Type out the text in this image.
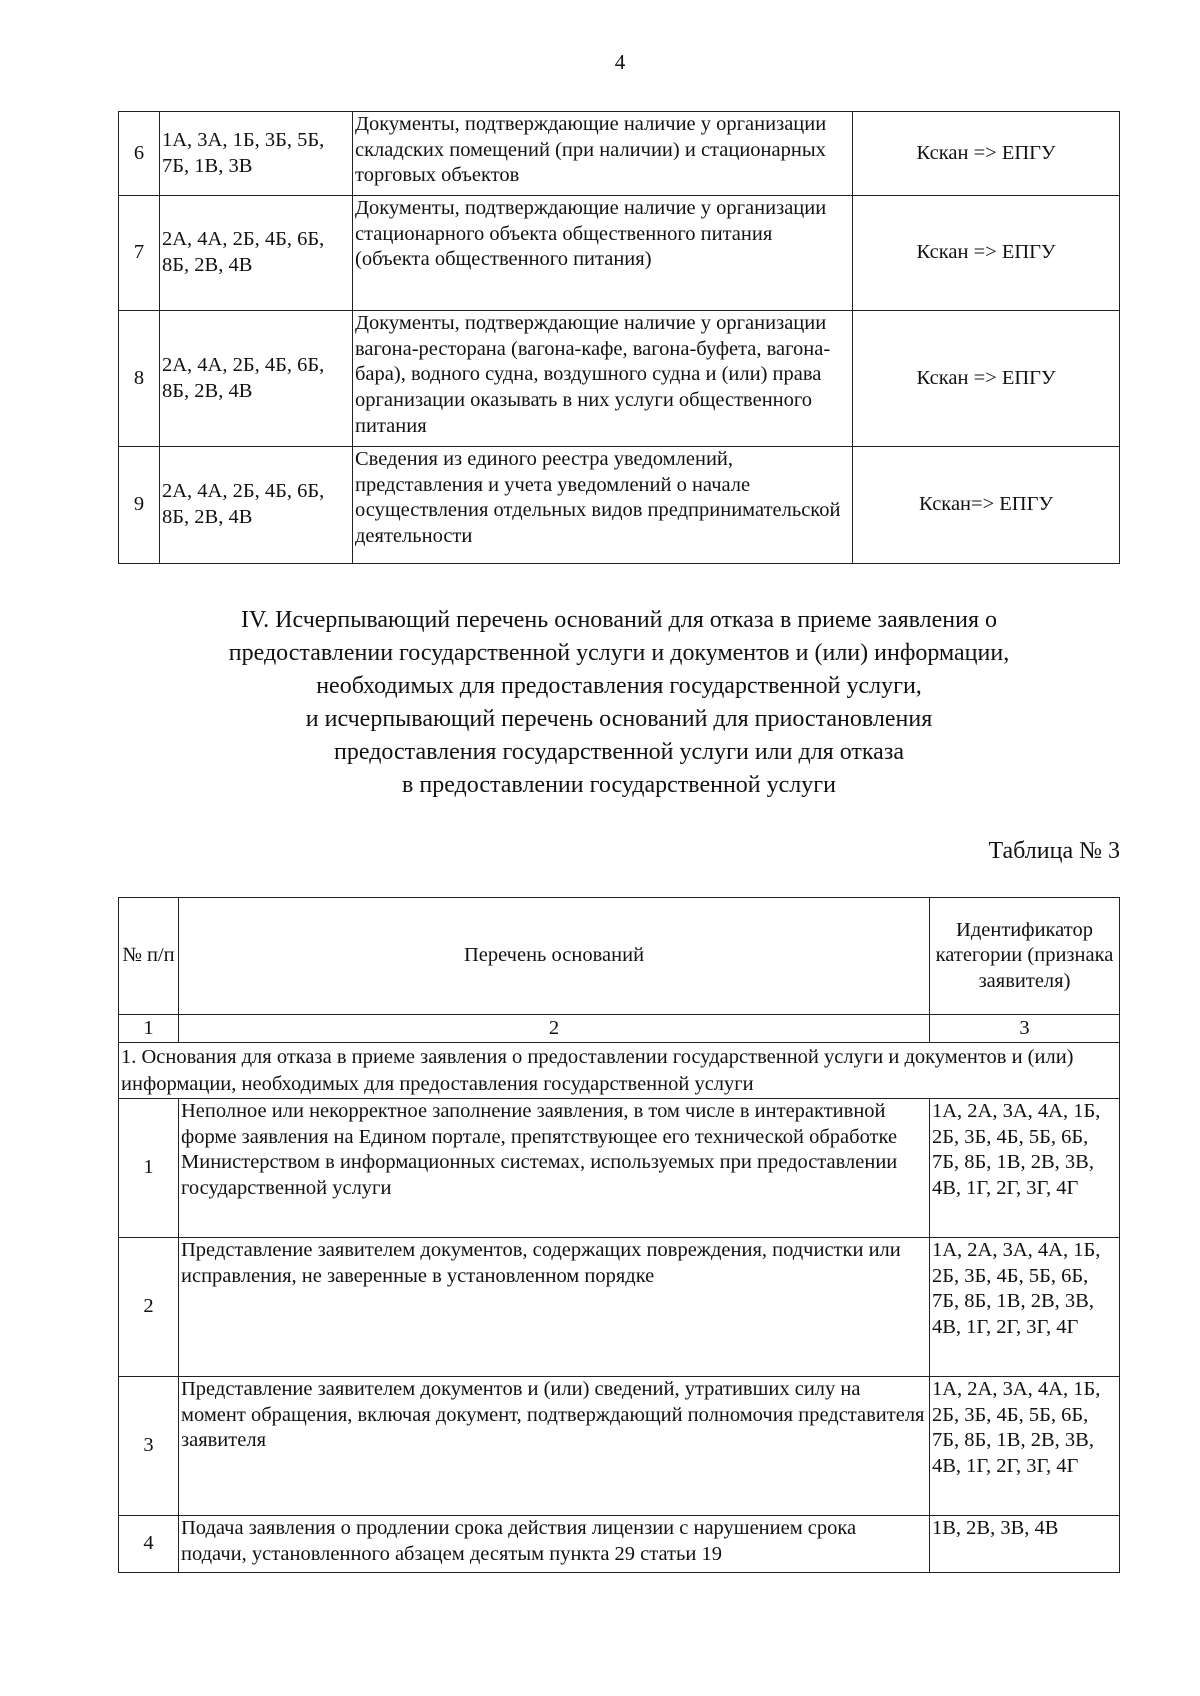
4
6	1А, 3А, 1Б, 3Б, 5Б, 7Б, 1В, 3В	Документы, подтверждающие наличие у организации складских помещений (при наличии) и стационарных торговых объектов	Кскан => ЕПГУ
7	2А, 4А, 2Б, 4Б, 6Б, 8Б, 2В, 4В	Документы, подтверждающие наличие у организации стационарного объекта общественного питания (объекта общественного питания)	Кскан => ЕПГУ
8	2А, 4А, 2Б, 4Б, 6Б, 8Б, 2В, 4В	Документы, подтверждающие наличие у организации вагона-ресторана (вагона-кафе, вагона-буфета, вагона-бара), водного судна, воздушного судна и (или) права организации оказывать в них услуги общественного питания	Кскан => ЕПГУ
9	2А, 4А, 2Б, 4Б, 6Б, 8Б, 2В, 4В	Сведения из единого реестра уведомлений, представления и учета уведомлений о начале осуществления отдельных видов предпринимательской деятельности	Кскан=> ЕПГУ
IV. Исчерпывающий перечень оснований для отказа в приеме заявления о
предоставлении государственной услуги и документов и (или) информации,
необходимых для предоставления государственной услуги,
и исчерпывающий перечень оснований для приостановления
предоставления государственной услуги или для отказа
в предоставлении государственной услуги
Таблица № 3
№ п/п	Перечень оснований	Идентификатор категории (признака заявителя)
1	2	3
1. Основания для отказа в приеме заявления о предоставлении государственной услуги и документов и (или) информации, необходимых для предоставления государственной услуги		
1	Неполное или некорректное заполнение заявления, в том числе в интерактивной форме заявления на Едином портале, препятствующее его технической обработке Министерством в информационных системах, используемых при предоставлении государственной услуги	1А, 2А, 3А, 4А, 1Б, 2Б, 3Б, 4Б, 5Б, 6Б, 7Б, 8Б, 1В, 2В, 3В, 4В, 1Г, 2Г, 3Г, 4Г
2	Представление заявителем документов, содержащих повреждения, подчистки или исправления, не заверенные в установленном порядке	1А, 2А, 3А, 4А, 1Б, 2Б, 3Б, 4Б, 5Б, 6Б, 7Б, 8Б, 1В, 2В, 3В, 4В, 1Г, 2Г, 3Г, 4Г
3	Представление заявителем документов и (или) сведений, утративших силу на момент обращения, включая документ, подтверждающий полномочия представителя заявителя	1А, 2А, 3А, 4А, 1Б, 2Б, 3Б, 4Б, 5Б, 6Б, 7Б, 8Б, 1В, 2В, 3В, 4В, 1Г, 2Г, 3Г, 4Г
4	Подача заявления о продлении срока действия лицензии с нарушением срока подачи, установленного абзацем десятым пункта 29 статьи 19	1В, 2В, 3В, 4В
